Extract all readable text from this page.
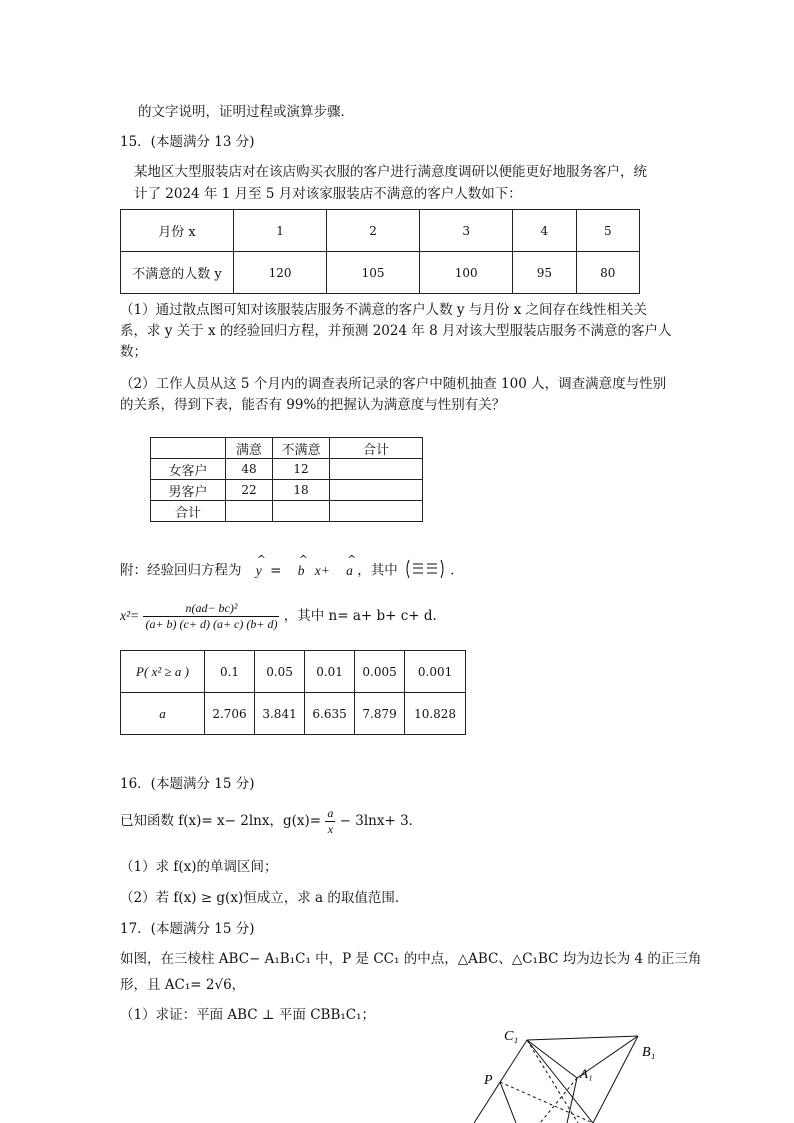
的文字说明，证明过程或演算步骤．
15．(本题满分 13 分)
某地区大型服装店对在该店购买衣服的客户进行满意度调研以便能更好地服务客户，统
计了 2024 年 1 月至 5 月对该家服装店不满意的客户人数如下：
月份 x	1	2	3	4	5
不满意的人数 y	120	105	100	95	80
（1）通过散点图可知对该服装店服务不满意的客户人数 y 与月份 x 之间存在线性相关关
系，求 y 关于 x 的经验回归方程，并预测 2024 年 8 月对该大型服装店服务不满意的客户人
数；
（2）工作人员从这 5 个月内的调查表所记录的客户中随机抽查 100 人，调查满意度与性别
的关系，得到下表，能否有 99%的把握认为满意度与性别有关？
	满意	不满意	合计
女客户	48	12	
男客户	22	18	
合计			
附：经验回归方程为
^
y =
^
b x+
^
a ，其中	．
$x^2= \frac{\text{n(ad− bc)²}}{(a+ b) (c+ d) (a+ c) (b+ d)}$ ，其中 n= a+ b+ c+ d.
P( x² ≥ a )	0.1	0.05	0.01	0.005	0.001
a	2.706	3.841	6.635	7.879	10.828
16．(本题满分 15 分)
已知函数 f(x)= x− 2lnx，$g(x)= \frac{a}{x} - 3\ln x+ 3$．
（1）求 f(x)的单调区间；
（2）若 f(x) ≥ g(x)恒成立，求 a 的取值范围．
17．(本题满分 15 分)
如图，在三棱柱 ABC− A₁B₁C₁ 中，P 是 CC₁ 的中点，△ABC、△C₁BC 均为边长为 4 的正三角
形，且 AC₁= 2√6，
（1）求证：平面 ABC ⊥ 平面 CBB₁C₁；
C₁
B₁
A₁
P
